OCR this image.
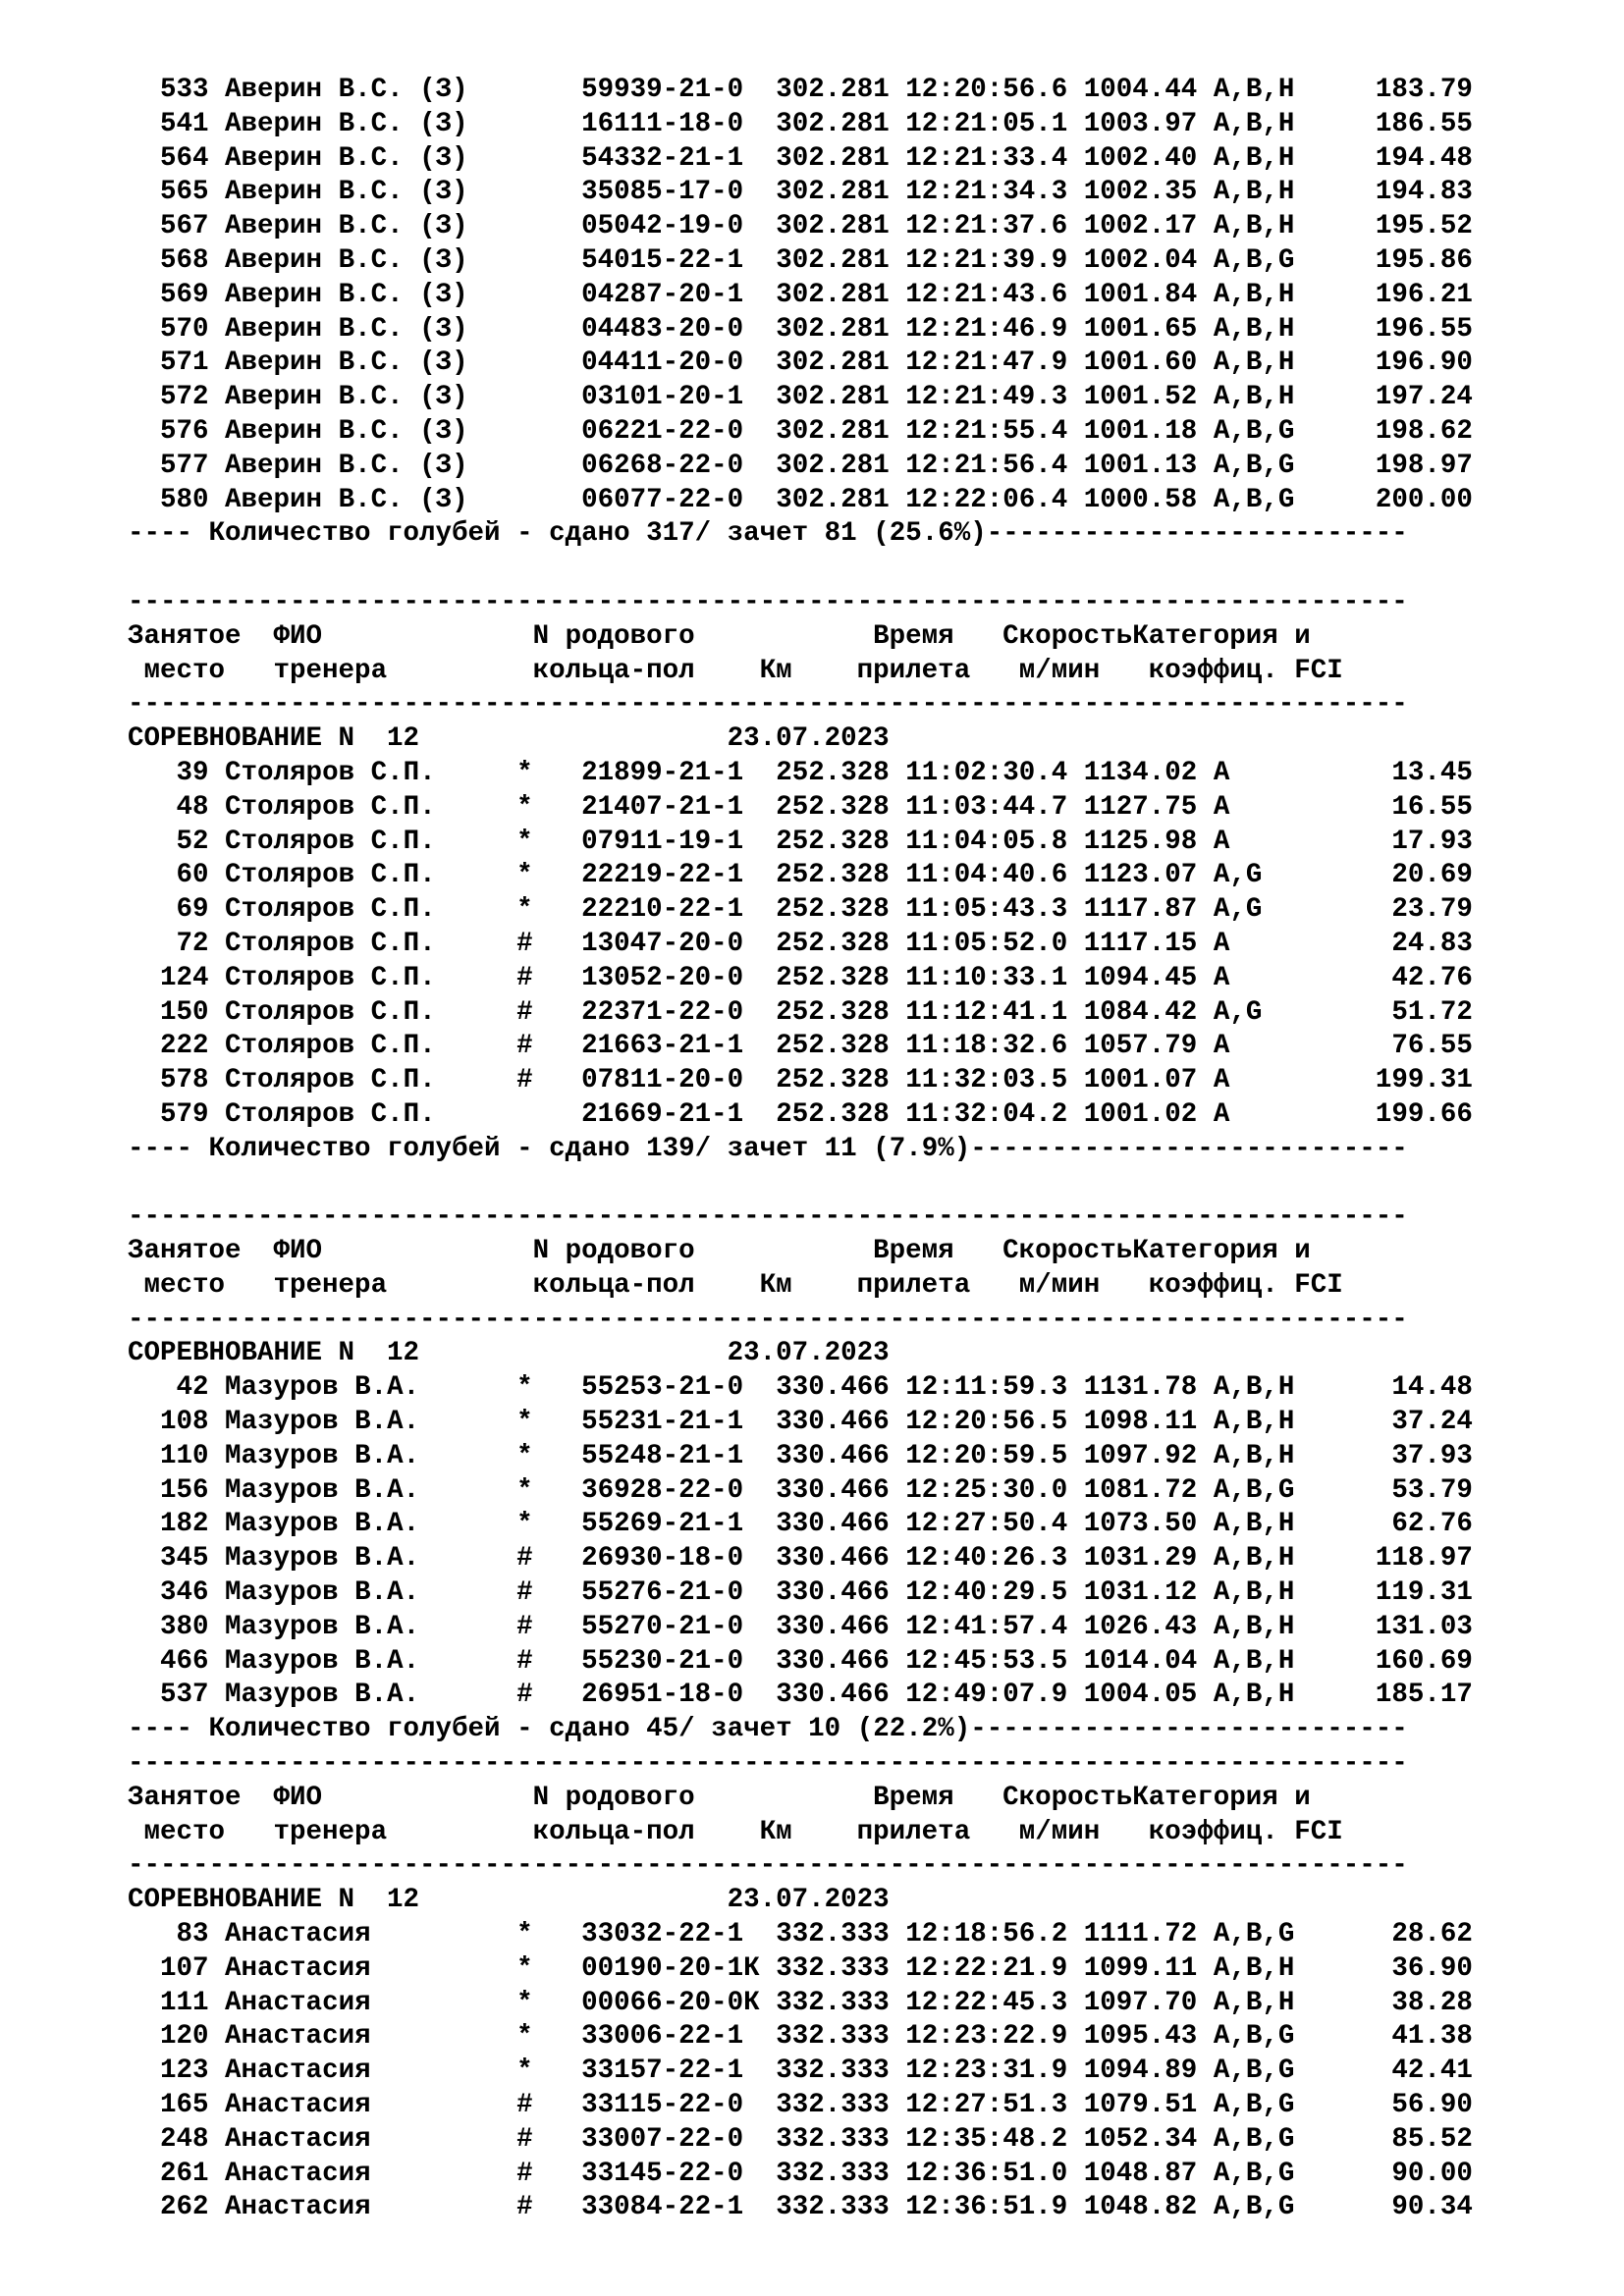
533 Аверин В.С. (З)	59939-21-0  302.281 12:20:56.6 1004.44 А,В,Н     183.79
541 Аверин В.С. (З)	16111-18-0  302.281 12:21:05.1 1003.97 А,В,Н     186.55
564 Аверин В.С. (З)	54332-21-1  302.281 12:21:33.4 1002.40 А,В,Н     194.48
565 Аверин В.С. (З)	35085-17-0  302.281 12:21:34.3 1002.35 А,В,Н     194.83
567 Аверин В.С. (З)	05042-19-0  302.281 12:21:37.6 1002.17 А,В,Н     195.52
568 Аверин В.С. (З)	54015-22-1  302.281 12:21:39.9 1002.04 А,В,G     195.86
569 Аверин В.С. (З)	04287-20-1  302.281 12:21:43.6 1001.84 А,В,Н     196.21
570 Аверин В.С. (З)	04483-20-0  302.281 12:21:46.9 1001.65 А,В,Н     196.55
571 Аверин В.С. (З)	04411-20-0  302.281 12:21:47.9 1001.60 А,В,Н     196.90
572 Аверин В.С. (З)	03101-20-1  302.281 12:21:49.3 1001.52 А,В,Н     197.24
576 Аверин В.С. (З)	06221-22-0  302.281 12:21:55.4 1001.18 А,В,G     198.62
577 Аверин В.С. (З)	06268-22-0  302.281 12:21:56.4 1001.13 А,В,G     198.97
580 Аверин В.С. (З)	06077-22-0  302.281 12:22:06.4 1000.58 А,В,G     200.00
---- Количество голубей - сдано 317/ зачет 81 (25.6%)--------------------------
-------------------------------------------------------------------------------
Занятое  ФИО             N родового           Время   СкоростьКатегория и
место   тренера         кольца-пол    Км    прилета   м/мин   коэффиц. FCI
-------------------------------------------------------------------------------
СОРЕВНОВАНИЕ N  12                   23.07.2023
39 Столяров С.П.     * 21899-21-1  252.328 11:02:30.4 1134.02 А          13.45
48 Столяров С.П.     * 21407-21-1  252.328 11:03:44.7 1127.75 А          16.55
52 Столяров С.П.     * 07911-19-1  252.328 11:04:05.8 1125.98 А          17.93
60 Столяров С.П.     * 22219-22-1  252.328 11:04:40.6 1123.07 А,G        20.69
69 Столяров С.П.     * 22210-22-1  252.328 11:05:43.3 1117.87 А,G        23.79
72 Столяров С.П.     # 13047-20-0  252.328 11:05:52.0 1117.15 А          24.83
124 Столяров С.П.     # 13052-20-0  252.328 11:10:33.1 1094.45 А          42.76
150 Столяров С.П.     # 22371-22-0  252.328 11:12:41.1 1084.42 А,G        51.72
222 Столяров С.П.     # 21663-21-1  252.328 11:18:32.6 1057.79 А          76.55
578 Столяров С.П.     # 07811-20-0  252.328 11:32:03.5 1001.07 А         199.31
579 Столяров С.П.	21669-21-1  252.328 11:32:04.2 1001.02 А         199.66
---- Количество голубей - сдано 139/ зачет 11 (7.9%)---------------------------
-------------------------------------------------------------------------------
Занятое  ФИО             N родового           Время   СкоростьКатегория и
место   тренера         кольца-пол    Км    прилета   м/мин   коэффиц. FCI
-------------------------------------------------------------------------------
СОРЕВНОВАНИЕ N  12                   23.07.2023
42 Мазуров В.А.      * 55253-21-0  330.466 12:11:59.3 1131.78 А,В,Н      14.48
108 Мазуров В.А.      * 55231-21-1  330.466 12:20:56.5 1098.11 А,В,Н      37.24
110 Мазуров В.А.      * 55248-21-1  330.466 12:20:59.5 1097.92 А,В,Н      37.93
156 Мазуров В.А.      * 36928-22-0  330.466 12:25:30.0 1081.72 А,В,G      53.79
182 Мазуров В.А.      * 55269-21-1  330.466 12:27:50.4 1073.50 А,В,Н      62.76
345 Мазуров В.А.      # 26930-18-0  330.466 12:40:26.3 1031.29 А,В,Н     118.97
346 Мазуров В.А.      # 55276-21-0  330.466 12:40:29.5 1031.12 А,В,Н     119.31
380 Мазуров В.А.      # 55270-21-0  330.466 12:41:57.4 1026.43 А,В,Н     131.03
466 Мазуров В.А.      # 55230-21-0  330.466 12:45:53.5 1014.04 А,В,Н     160.69
537 Мазуров В.А.      # 26951-18-0  330.466 12:49:07.9 1004.05 А,В,Н     185.17
---- Количество голубей - сдано 45/ зачет 10 (22.2%)---------------------------
-------------------------------------------------------------------------------
Занятое  ФИО             N родового           Время   СкоростьКатегория и
место   тренера         кольца-пол    Км    прилета   м/мин   коэффиц. FCI
-------------------------------------------------------------------------------
СОРЕВНОВАНИЕ N  12                   23.07.2023
83 Анастасия         * 33032-22-1  332.333 12:18:56.2 1111.72 А,В,G      28.62
107 Анастасия         * 00190-20-1К 332.333 12:22:21.9 1099.11 А,В,Н      36.90
111 Анастасия         * 00066-20-0К 332.333 12:22:45.3 1097.70 А,В,Н      38.28
120 Анастасия         * 33006-22-1  332.333 12:23:22.9 1095.43 А,В,G      41.38
123 Анастасия         * 33157-22-1  332.333 12:23:31.9 1094.89 А,В,G      42.41
165 Анастасия         # 33115-22-0  332.333 12:27:51.3 1079.51 А,В,G      56.90
248 Анастасия         # 33007-22-0  332.333 12:35:48.2 1052.34 А,В,G      85.52
261 Анастасия         # 33145-22-0  332.333 12:36:51.0 1048.87 А,В,G      90.00
262 Анастасия         # 33084-22-1  332.333 12:36:51.9 1048.82 А,В,G      90.34
